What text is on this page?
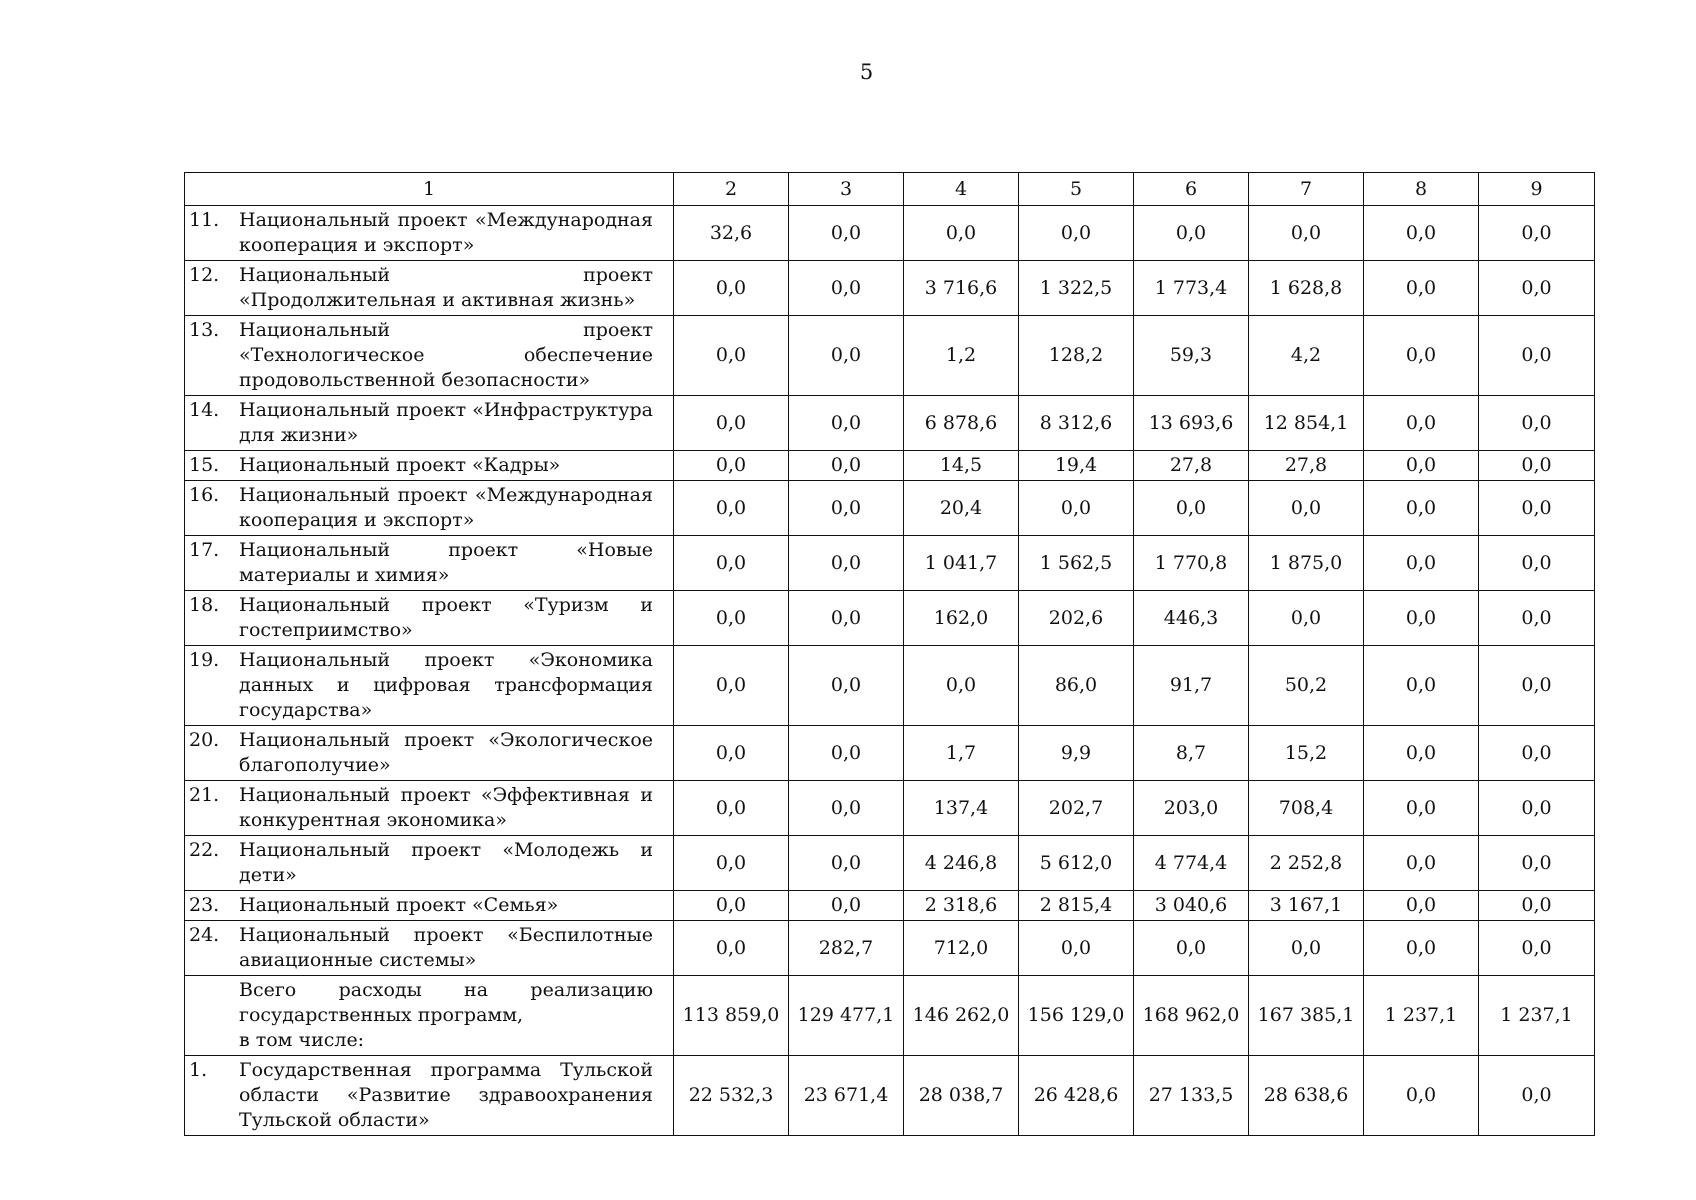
5
1	2	3	4	5	6	7	8	9

11. Национальный проект «Международная кооперация и экспорт»	32,6	0,0	0,0	0,0	0,0	0,0	0,0	0,0

12. Национальный проект «Продолжительная и активная жизнь»	0,0	0,0	3 716,6	1 322,5	1 773,4	1 628,8	0,0	0,0

13. Национальный проект «Технологическое обеспечение продовольственной безопасности»	0,0	0,0	1,2	128,2	59,3	4,2	0,0	0,0

14. Национальный проект «Инфраструктура для жизни»	0,0	0,0	6 878,6	8 312,6	13 693,6	12 854,1	0,0	0,0

15. Национальный проект «Кадры»	0,0	0,0	14,5	19,4	27,8	27,8	0,0	0,0

16. Национальный проект «Международная кооперация и экспорт»	0,0	0,0	20,4	0,0	0,0	0,0	0,0	0,0

17. Национальный проект «Новые материалы и химия»	0,0	0,0	1 041,7	1 562,5	1 770,8	1 875,0	0,0	0,0

18. Национальный проект «Туризм и гостеприимство»	0,0	0,0	162,0	202,6	446,3	0,0	0,0	0,0

19. Национальный проект «Экономика данных и цифровая трансформация государства»	0,0	0,0	0,0	86,0	91,7	50,2	0,0	0,0

20. Национальный проект «Экологическое благополучие»	0,0	0,0	1,7	9,9	8,7	15,2	0,0	0,0

21. Национальный проект «Эффективная и конкурентная экономика»	0,0	0,0	137,4	202,7	203,0	708,4	0,0	0,0

22. Национальный проект «Молодежь и дети»	0,0	0,0	4 246,8	5 612,0	4 774,4	2 252,8	0,0	0,0

23. Национальный проект «Семья»	0,0	0,0	2 318,6	2 815,4	3 040,6	3 167,1	0,0	0,0

24. Национальный проект «Беспилотные авиационные системы»	0,0	282,7	712,0	0,0	0,0	0,0	0,0	0,0

Всего расходы на реализацию государственных программ,
в том числе:	113 859,0	129 477,1	146 262,0	156 129,0	168 962,0	167 385,1	1 237,1	1 237,1

1. Государственная программа Тульской области «Развитие здравоохранения Тульской области»	22 532,3	23 671,4	28 038,7	26 428,6	27 133,5	28 638,6	0,0	0,0
